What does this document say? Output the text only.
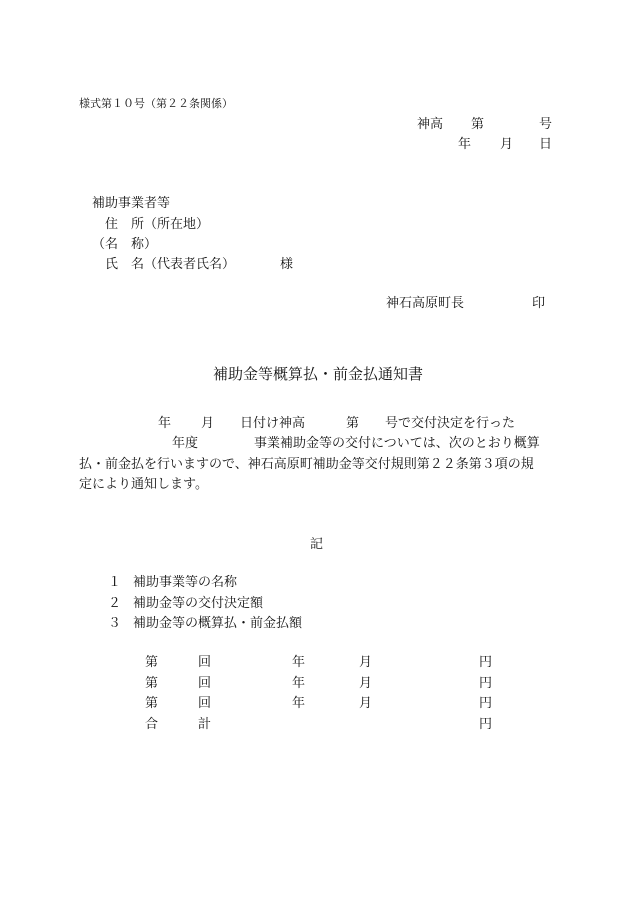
様式第１０号（第２２条関係）
神高 第	号
年 月 日
補助事業者等
住　所（所在地）
（名　称）
氏　名（代表者氏名）	様
神石高原町長	印
補助金等概算払・前金払通知書
年 月 日付け神高	第 号で交付決定を行った
年度	事業補助金等の交付については、次のとおり概算
払・前金払を行いますので、神石高原町補助金等交付規則第２２条第３項の規
定により通知します。
記
１ 補助事業等の名称
２ 補助金等の交付決定額
３ 補助金等の概算払・前金払額
第	回	年	月	円
第	回	年	月	円
第	回	年	月	円
合	計	円
